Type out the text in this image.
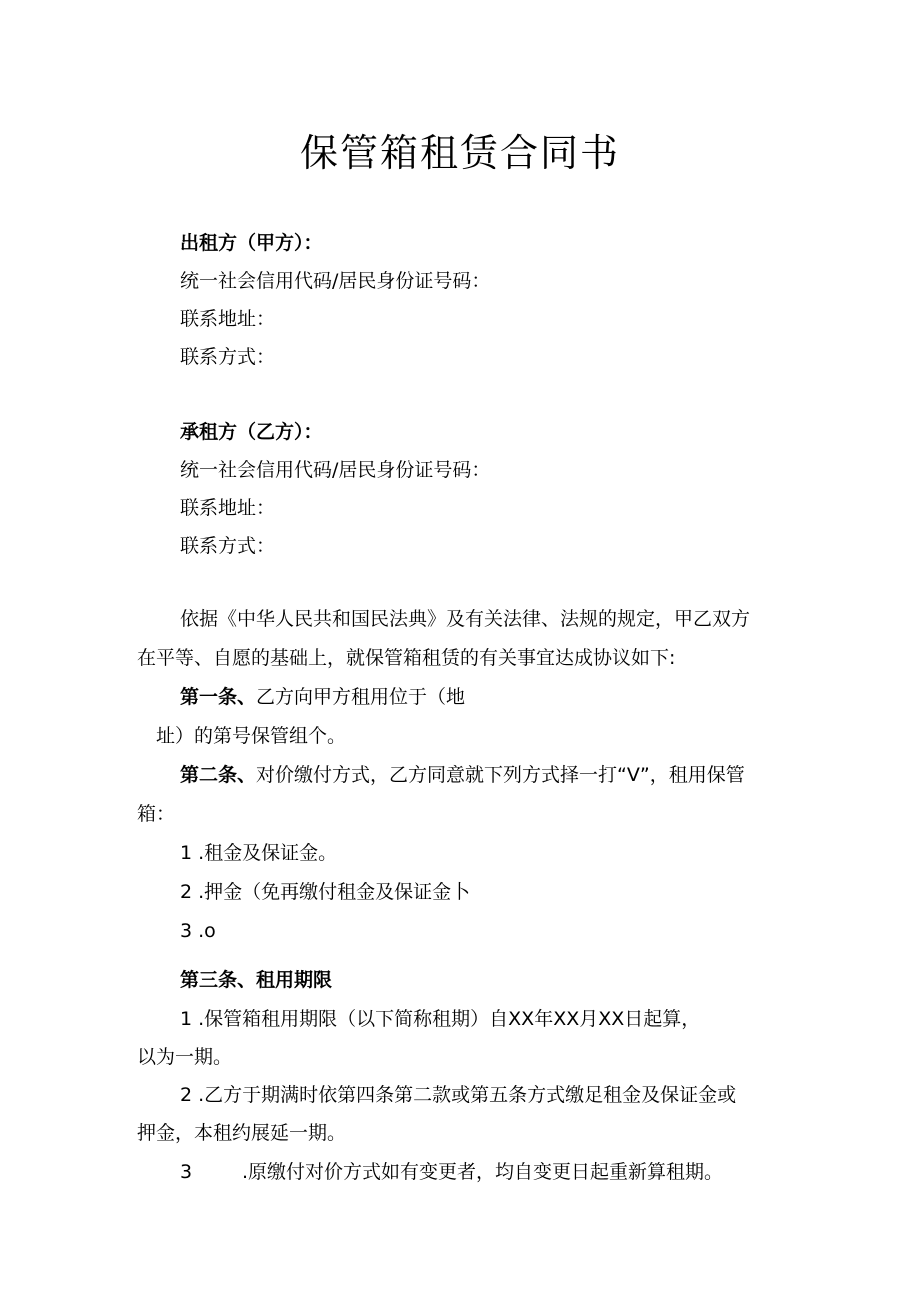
保管箱租赁合同书
出租方（甲方）：
统一社会信用代码/居民身份证号码：
联系地址：
联系方式：
承租方（乙方）：
统一社会信用代码/居民身份证号码：
联系地址：
联系方式：
依据《中华人民共和国民法典》及有关法律、法规的规定，甲乙双方
在平等、自愿的基础上，就保管箱租赁的有关事宜达成协议如下:
第一条、乙方向甲方租用位于（地
址）的第号保管组个。
第二条、对价缴付方式，乙方同意就下列方式择一打“V”，租用保管
箱：
1 .租金及保证金。
2 .押金（免再缴付租金及保证金卜
3 .o
第三条、租用期限
1 .保管箱租用期限（以下简称租期）自XX年XX月XX日起算，
以为一期。
2 .乙方于期满时依第四条第二款或第五条方式缴足租金及保证金或
押金，本租约展延一期。
3	.原缴付对价方式如有变更者，均自变更日起重新算租期。
